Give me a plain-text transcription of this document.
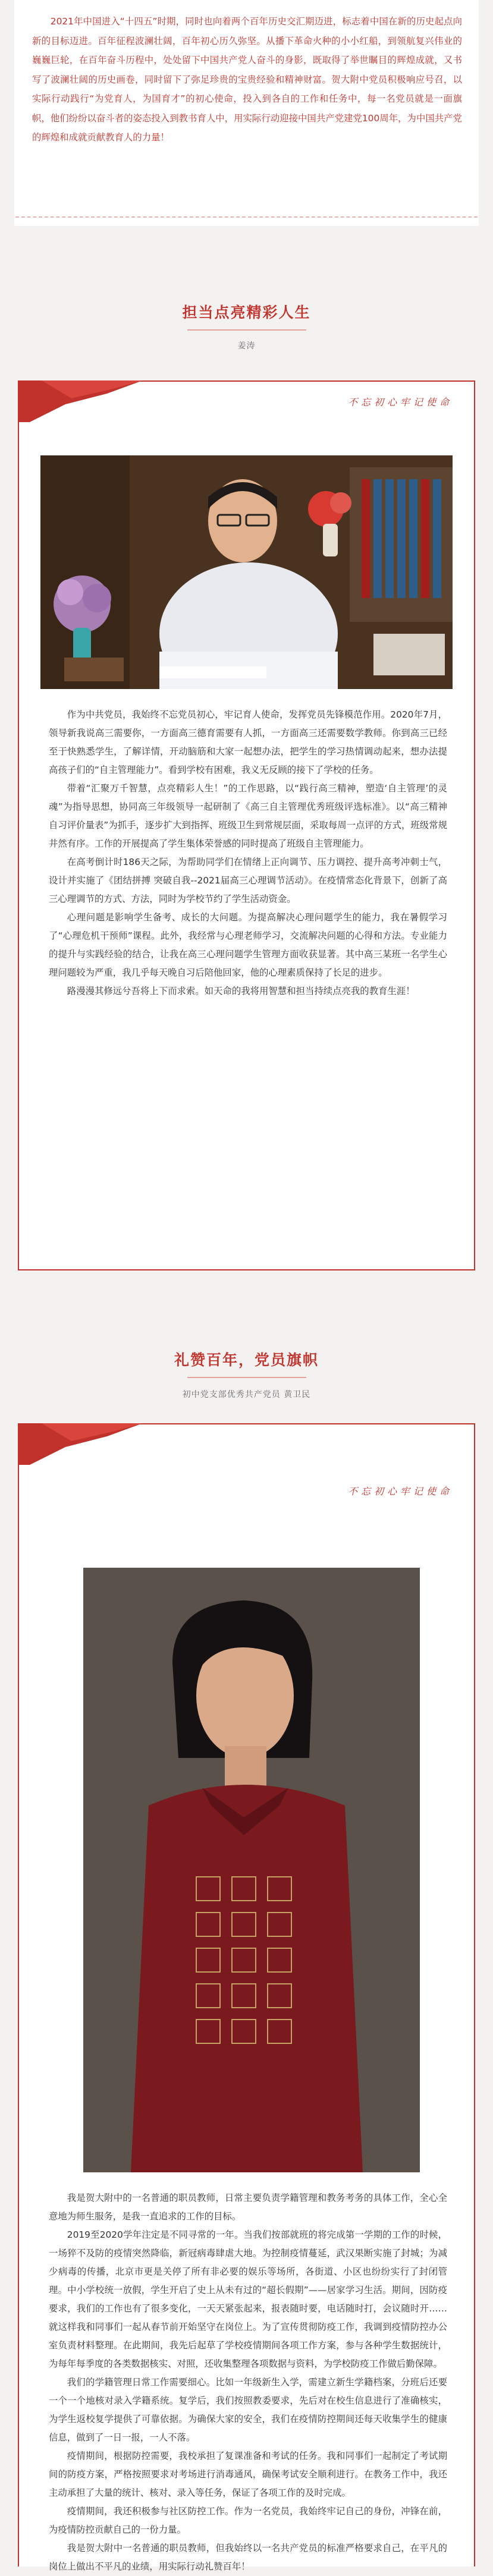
2021年中国进入“十四五”时期，同时也向着两个百年历史交汇期迈进，标志着中国在新的历史起点向新的目标迈进。百年征程波澜壮阔，百年初心历久弥坚。从播下革命火种的小小红船，到领航复兴伟业的巍巍巨轮，在百年奋斗历程中，处处留下中国共产党人奋斗的身影，既取得了举世瞩目的辉煌成就，又书写了波澜壮阔的历史画卷，同时留下了弥足珍贵的宝贵经验和精神财富。贺大附中党员积极响应号召，以实际行动践行“为党育人，为国育才”的初心使命，投入到各自的工作和任务中，每一名党员就是一面旗帜，他们纷纷以奋斗者的姿态投入到教书育人中，用实际行动迎接中国共产党建党100周年，为中国共产党的辉煌和成就贡献教育人的力量！

担当点亮精彩人生
姜涛
不忘初心牢记使命

作为中共党员，我始终不忘党员初心，牢记育人使命，发挥党员先锋模范作用。2020年7月，领导新我说高三需要你，一方面高三德育需要有人抓，一方面高三还需要数学教师。你到高三已经至于快熟悉学生，了解详情，开动脑筋和大家一起想办法，把学生的学习热情调动起来，想办法提高孩子们的“自主管理能力”。看到学校有困难，我义无反顾的接下了学校的任务。

带着“汇聚万千智慧，点亮精彩人生！”的工作思路，以“践行高三精神，塑造‘自主管理’的灵魂”为指导思想，协同高三年级领导一起研制了《高三自主管理优秀班级评选标准》。以“高三精神自习评价量表”为抓手，逐步扩大到指挥、班级卫生到常规层面，采取每周一点评的方式，班级常规井然有序。工作的开展提高了学生集体荣誉感的同时提高了班级自主管理能力。

在高考倒计时186天之际，为帮助同学们在情绪上正向调节、压力调控、提升高考冲刺士气，设计并实施了《团结拼搏 突破自我--2021届高三心理调节活动》。在疫情常态化背景下，创新了高三心理调节的方式、方法，同时为学校节约了学生活动资金。

心理问题是影响学生备考、成长的大问题。为提高解决心理问题学生的能力，我在暑假学习了“心理危机干预师”课程。此外，我经常与心理老师学习，交流解决问题的心得和方法。专业能力的提升与实践经验的结合，让我在高三心理问题学生管理方面收获显著。其中高三某班一名学生心理问题较为严重，我几乎每天晚自习后陪他回家，他的心理素质保持了长足的进步。

路漫漫其修远兮吾将上下而求索。如天命的我将用智慧和担当持续点亮我的教育生涯！

礼赞百年，党员旗帜
初中党支部优秀共产党员 黄卫民
不忘初心牢记使命

我是贺大附中的一名普通的职员教师，日常主要负责学籍管理和教务考务的具体工作，全心全意地为师生服务，是我一直追求的工作的目标。

2019至2020学年注定是不同寻常的一年。当我们按部就班的将完成第一学期的工作的时候，一场猝不及防的疫情突然降临，新冠病毒肆虐大地。为控制疫情蔓延，武汉果断实施了封城；为减少病毒的传播，北京市更是关停了所有非必要的娱乐等场所，各街道、小区也纷纷实行了封闭管理。中小学校统一放假，学生开启了史上从未有过的“超长假期”——居家学习生活。期间，因防疫要求，我们的工作也有了很多变化，一天天紧张起来，报表随时要，电话随时打，会议随时开……就这样我和同事们一起从春节前开始坚守在岗位上。为了宣传贯彻防疫工作，我调到疫情防控办公室负责材料整理。在此期间，我先后起草了学校疫情期间各项工作方案，参与各种学生数据统计，为每年每季度的各类数据核实、对照，还收集整理各项数据与资料，为学校防疫工作做后勤保障。

我们的学籍管理日常工作需要细心。比如一年级新生入学，需建立新生学籍档案，分班后还要一个一个地核对录入学籍系统。复学后，我们按照教委要求，先后对在校生信息进行了准确核实，为学生返校复学提供了可靠依据。为确保大家的安全，我们在疫情防控期间还每天收集学生的健康信息，做到了一日一报，一人不落。

疫情期间，根据防控需要，我校承担了复课准备和考试的任务。我和同事们一起制定了考试期间的防疫方案，严格按照要求对考场进行消毒通风，确保考试安全顺利进行。在教务工作中，我还主动承担了大量的统计、核对、录入等任务，保证了各项工作的及时完成。

疫情期间，我还积极参与社区防控工作。作为一名党员，我始终牢记自己的身份，冲锋在前，为疫情防控贡献自己的一份力量。

我是贺大附中一名普通的职员教师，但我始终以一名共产党员的标准严格要求自己，在平凡的岗位上做出不平凡的业绩，用实际行动礼赞百年！
